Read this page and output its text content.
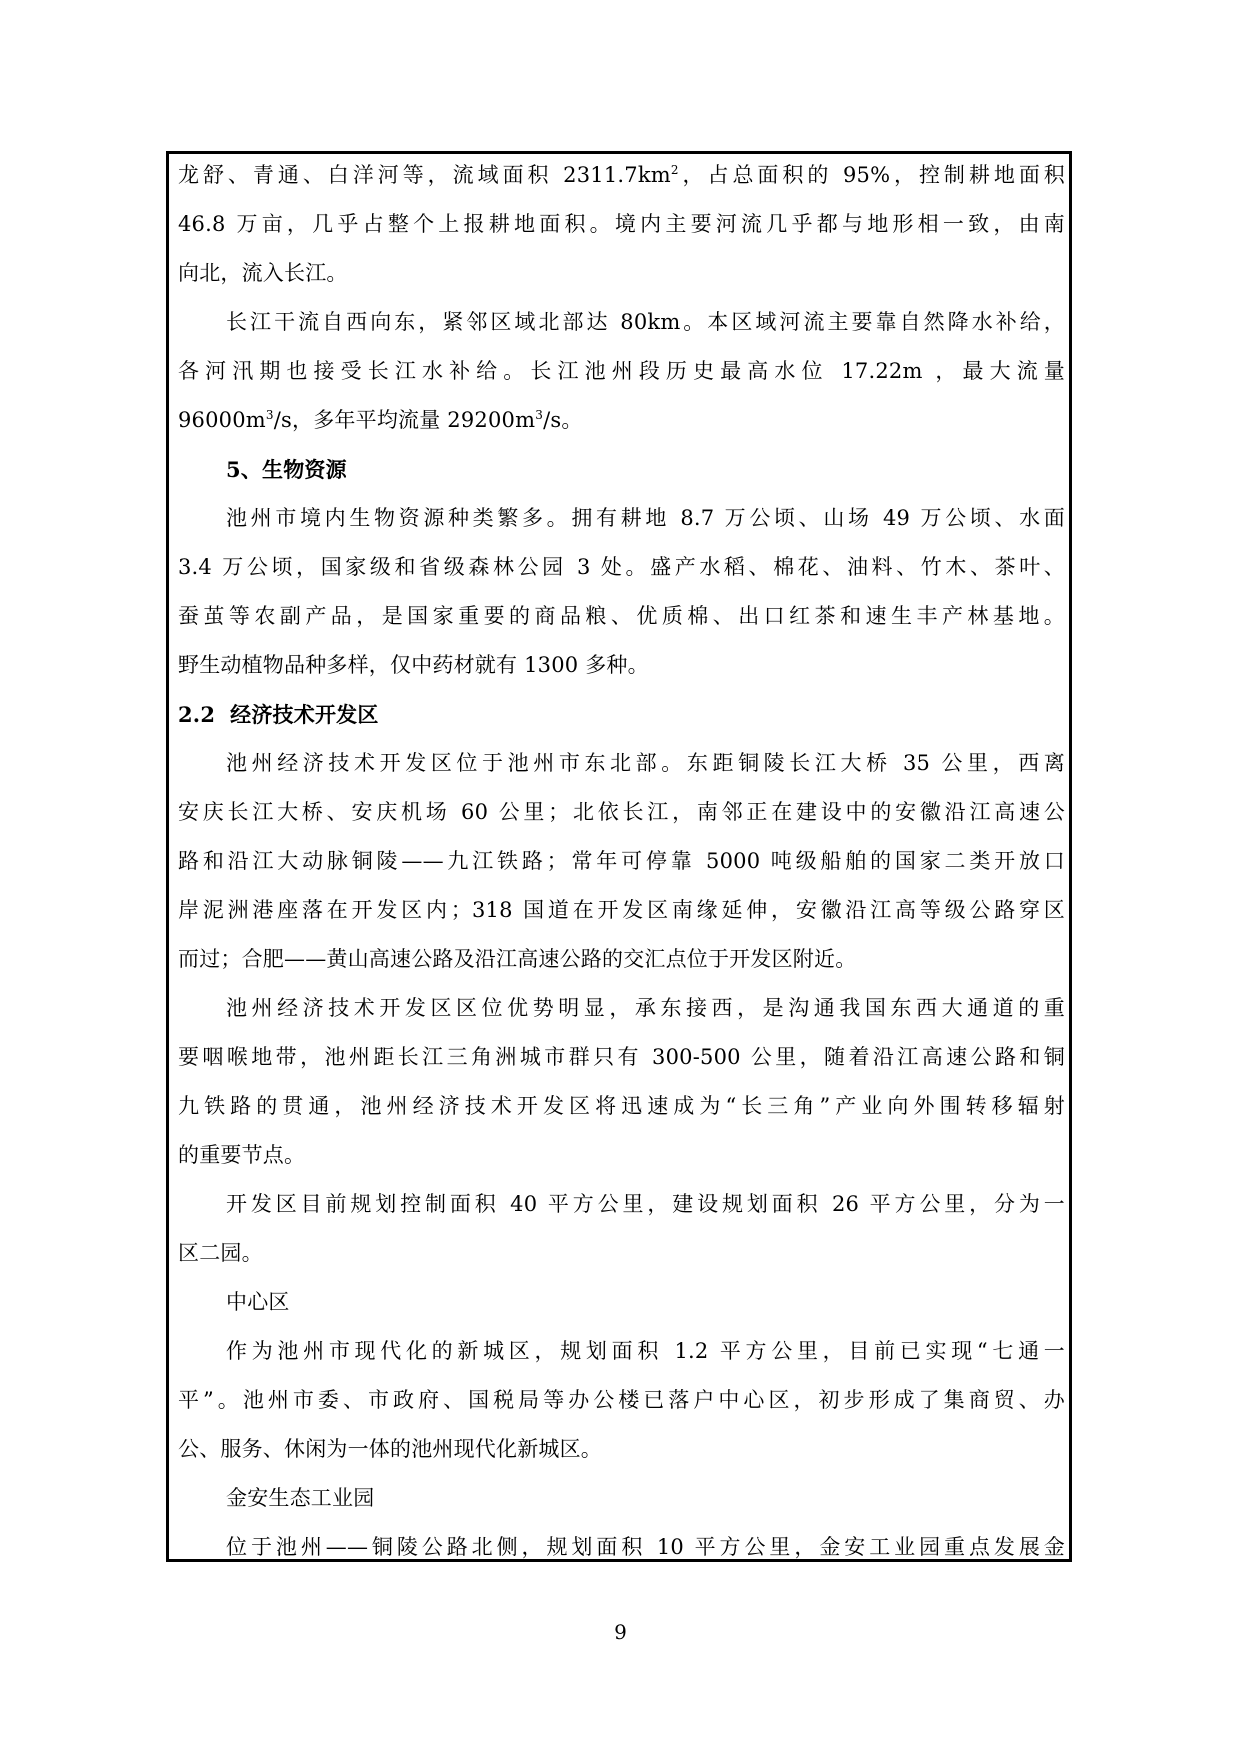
龙舒、青通、白洋河等，流域面积 $2311.7km^2$，占总面积的 95%，控制耕地面积
46.8 万亩，几乎占整个上报耕地面积。境内主要河流几乎都与地形相一致，由南
向北，流入长江。
长江干流自西向东，紧邻区域北部达 80km。本区域河流主要靠自然降水补给，
各河汛期也接受长江水补给。长江池州段历史最高水位 17.22m ，最大流量
$96000m^3/s$，多年平均流量 $29200m^3/s$。
5、生物资源
池州市境内生物资源种类繁多。拥有耕地 8.7 万公顷、山场 49 万公顷、水面
3.4 万公顷，国家级和省级森林公园 3 处。盛产水稻、棉花、油料、竹木、茶叶、
蚕茧等农副产品，是国家重要的商品粮、优质棉、出口红茶和速生丰产林基地。
野生动植物品种多样，仅中药材就有 1300 多种。
2.2  经济技术开发区
池州经济技术开发区位于池州市东北部。东距铜陵长江大桥 35 公里，西离
安庆长江大桥、安庆机场 60 公里；北依长江，南邻正在建设中的安徽沿江高速公
路和沿江大动脉铜陵——九江铁路；常年可停靠 5000 吨级船舶的国家二类开放口
岸泥洲港座落在开发区内；318 国道在开发区南缘延伸，安徽沿江高等级公路穿区
而过；合肥——黄山高速公路及沿江高速公路的交汇点位于开发区附近。
池州经济技术开发区区位优势明显，承东接西，是沟通我国东西大通道的重
要咽喉地带，池州距长江三角洲城市群只有 300-500 公里，随着沿江高速公路和铜
九铁路的贯通，池州经济技术开发区将迅速成为“长三角”产业向外围转移辐射
的重要节点。
开发区目前规划控制面积 40 平方公里，建设规划面积 26 平方公里，分为一
区二园。
中心区
作为池州市现代化的新城区，规划面积 1.2 平方公里，目前已实现“七通一
平”。池州市委、市政府、国税局等办公楼已落户中心区，初步形成了集商贸、办
公、服务、休闲为一体的池州现代化新城区。
金安生态工业园
位于池州——铜陵公路北侧，规划面积 10 平方公里，金安工业园重点发展金
9
